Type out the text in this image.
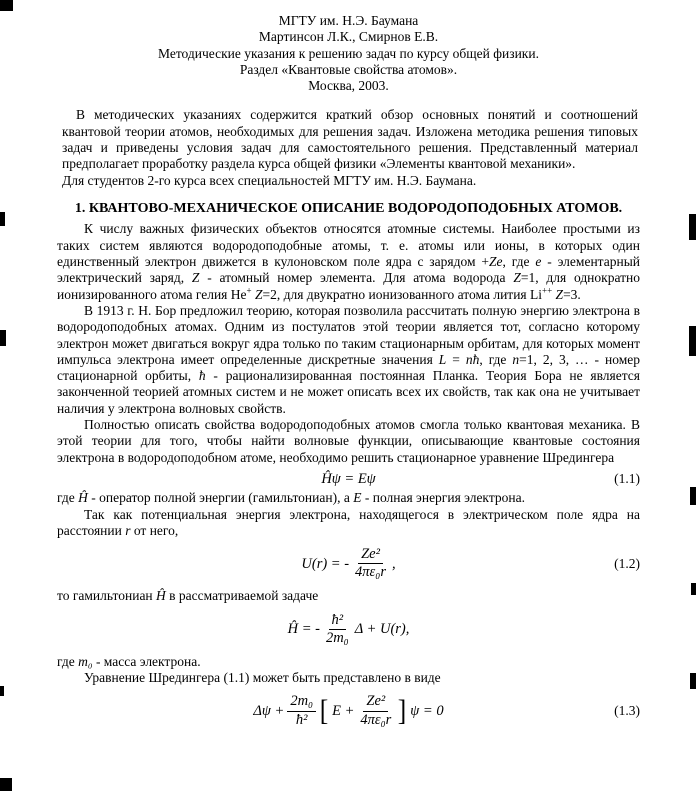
МГТУ им. Н.Э. Баумана
Мартинсон Л.К., Смирнов Е.В.
Методические указания к решению задач по курсу общей физики.
Раздел «Квантовые свойства атомов».
Москва, 2003.

В методических указаниях содержится краткий обзор основных понятий и соотношений квантовой теории атомов, необходимых для решения задач. Изложена методика решения типовых задач и приведены условия задач для самостоятельного решения. Представленный материал предполагает проработку раздела курса общей физики «Элементы квантовой механики».

Для студентов 2-го курса всех специальностей МГТУ им. Н.Э. Баумана.

1. КВАНТОВО-МЕХАНИЧЕСКОЕ ОПИСАНИЕ ВОДОРОДОПОДОБНЫХ АТОМОВ.

К числу важных физических объектов относятся атомные системы. Наиболее простыми из таких систем являются водородоподобные атомы, т. е. атомы или ионы, в которых один единственный электрон движется в кулоновском поле ядра с зарядом +Ze, где e - элементарный электрический заряд, Z - атомный номер элемента. Для атома водорода Z=1, для однократно ионизированного атома гелия He+ Z=2, для двукратно ионизованного атома лития Li++ Z=3.

В 1913 г. Н. Бор предложил теорию, которая позволила рассчитать полную энергию электрона в водородоподобных атомах. Одним из постулатов этой теории является тот, согласно которому электрон может двигаться вокруг ядра только по таким стационарным орбитам, для которых момент импульса электрона имеет определенные дискретные значения L = nħ, где n=1, 2, 3, … - номер стационарной орбиты, ħ - рационализированная постоянная Планка. Теория Бора не является законченной теорией атомных систем и не может описать всех их свойств, так как она не учитывает наличия у электрона волновых свойств.

Полностью описать свойства водородоподобных атомов смогла только квантовая механика. В этой теории для того, чтобы найти волновые функции, описывающие квантовые состояния электрона в водородоподобном атоме, необходимо решить стационарное уравнение Шредингера

Ĥψ = Eψ	(1.1)

где Ĥ - оператор полной энергии (гамильтониан), а E - полная энергия электрона.

Так как потенциальная энергия электрона, находящегося в электрическом поле ядра на расстоянии r от него,

U(r) = - $\frac{\text{Ze²}}{\text{4πε₀r}}$ ,	(1.2)

то гамильтониан Ĥ в рассматриваемой задаче

Ĥ = - $\frac{\text{ħ²}}{\text{2m₀}}$ Δ + U(r),

где m₀ - масса электрона.

Уравнение Шредингера (1.1) может быть представлено в виде

$\Delta\psi + \frac{\text{2m₀}}{\text{ħ²}}$ [ $E + \frac{\text{Ze²}}{\text{4πε₀r}}$ ] ψ = 0	(1.3)
